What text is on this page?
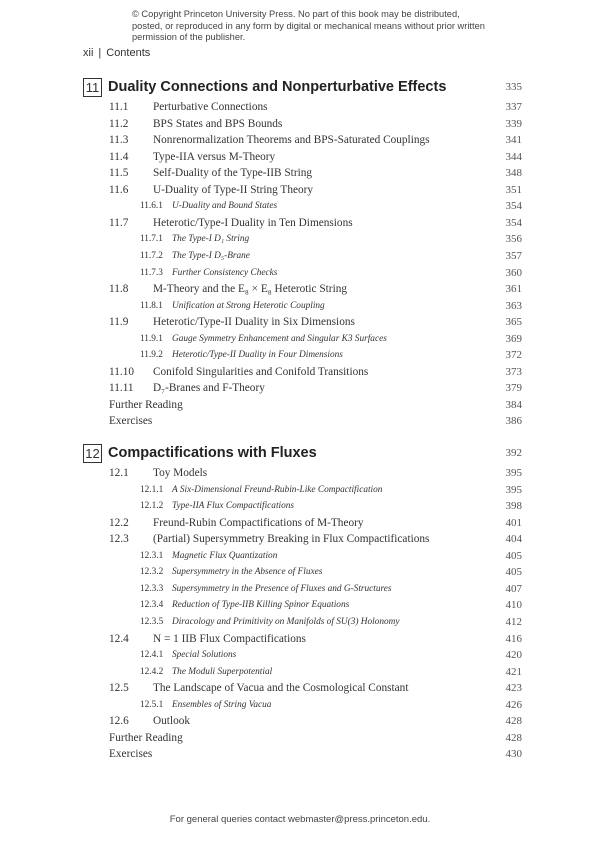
© Copyright Princeton University Press. No part of this book may be distributed, posted, or reproduced in any form by digital or mechanical means without prior written permission of the publisher.
xii | Contents
11 Duality Connections and Nonperturbative Effects	335
11.1 Perturbative Connections	337
11.2 BPS States and BPS Bounds	339
11.3 Nonrenormalization Theorems and BPS-Saturated Couplings	341
11.4 Type-IIA versus M-Theory	344
11.5 Self-Duality of the Type-IIB String	348
11.6 U-Duality of Type-II String Theory	351
11.6.1 U-Duality and Bound States	354
11.7 Heterotic/Type-I Duality in Ten Dimensions	354
11.7.1 The Type-I D₁ String	356
11.7.2 The Type-I D₅-Brane	357
11.7.3 Further Consistency Checks	360
11.8 M-Theory and the E₈ × E₈ Heterotic String	361
11.8.1 Unification at Strong Heterotic Coupling	363
11.9 Heterotic/Type-II Duality in Six Dimensions	365
11.9.1 Gauge Symmetry Enhancement and Singular K3 Surfaces	369
11.9.2 Heterotic/Type-II Duality in Four Dimensions	372
11.10 Conifold Singularities and Conifold Transitions	373
11.11 D₇-Branes and F-Theory	379
Further Reading	384
Exercises	386
12 Compactifications with Fluxes	392
12.1 Toy Models	395
12.1.1 A Six-Dimensional Freund-Rubin-Like Compactification	395
12.1.2 Type-IIA Flux Compactifications	398
12.2 Freund-Rubin Compactifications of M-Theory	401
12.3 (Partial) Supersymmetry Breaking in Flux Compactifications	404
12.3.1 Magnetic Flux Quantization	405
12.3.2 Supersymmetry in the Absence of Fluxes	405
12.3.3 Supersymmetry in the Presence of Fluxes and G-Structures	407
12.3.4 Reduction of Type-IIB Killing Spinor Equations	410
12.3.5 Diracology and Primitivity on Manifolds of SU(3) Holonomy	412
12.4 N = 1 IIB Flux Compactifications	416
12.4.1 Special Solutions	420
12.4.2 The Moduli Superpotential	421
12.5 The Landscape of Vacua and the Cosmological Constant	423
12.5.1 Ensembles of String Vacua	426
12.6 Outlook	428
Further Reading	428
Exercises	430
For general queries contact webmaster@press.princeton.edu.
